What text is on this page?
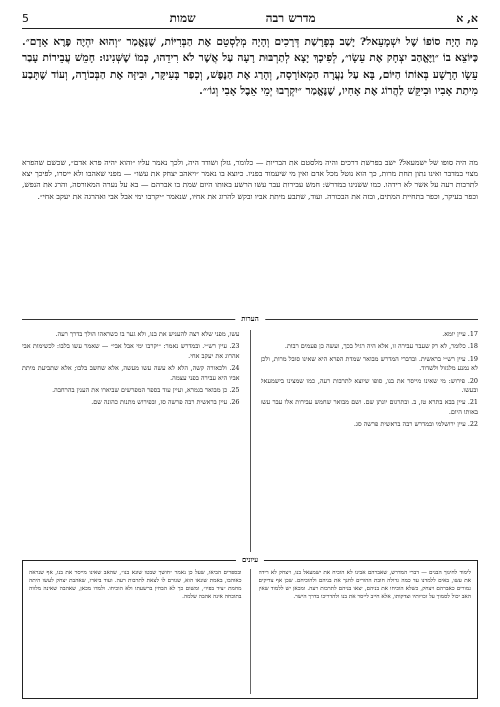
א, א
מדרש רבה
שמות
5
מָה הָיָה סוֹפוֹ שֶׁל יִשְׁמָעֵאל? יָשַׁב בְּפָרָשַׁת דְּרָכִים וְהָיָה מְלַסְטֵם אֶת הַבְּרִיּוֹת, שֶׁנֶּאֱמַר ״וְהוּא יִהְיֶה פֶּרֶא אָדָם״. כַּיּוֹצֵא בוֹ ״וַיֶּאֱהַב יִצְחָק אֶת עֵשָׂו״, לְפִיכָךְ יָצָא לְתַרְבּוּת רָעָה עַל אֲשֶׁר לֹא רִידֵהוּ, כְּמוֹ שֶׁשְּׁנִינוּ: חָמֵשׁ עֲבֵירוֹת עָבַר עֵשָׂו הָרָשָׁע בְּאוֹתוֹ הַיּוֹם, בָּא עַל נַעֲרָה הַמְאוֹרָסָה, וְהָרַג אֶת הַנֶּפֶשׁ, וְכָפַר בָּעִיקָּר, וּבִיזָּה אֶת הַבְּכוֹרָה, וְעוֹד שֶׁתָּבַע מִיתַת אָבִיו וּבִיקֵּשׁ לַהֲרוֹג אֶת אָחִיו, שֶׁנֶּאֱמַר ״יִקְרְבוּ יְמֵי אֵבֶל אָבִי וְגוֹ׳״.
מה היה סופו של ישמעאל? ישב בפרשת דרכים והיה מלסטם את הבריות — כלומר, גזלן ושודד היה, ולכך נאמר עליו ״והוא יהיה פרא אדם״, שכשם שהפרא מצוי במדבר ואינו נתון תחת מרות, כך הוא נוטל מכל אדם ואין מי שיעמוד בפניו. כיוצא בו נאמר ״ויאהב יצחק את עשו״ — מפני שאהבו ולא ייסרו, לפיכך יצא לתרבות רעה על אשר לא רידהו. כמו ששנינו במדרש: חמש עבירות עבר עשו הרשע באותו היום שמת בו אברהם — בא על נערה המאורסה, והרג את הנפש, וכפר בעיקר, וכפר בתחיית המתים, ובזה את הבכורה. ועוד, שתבע מיתת אביו ובקש להרוג את אחיו, שנאמר ״יקרבו ימי אבל אבי ואהרגה את יעקב אחי״.
הערות

17. עיין יומא.

18. כלומר, לא רק שעבר עבירה זו, אלא היה רגיל בכך, ועשה כן פעמים רבות.

19. עיין רש״י בראשית. ובדברי המדרש מבואר שמדת הפרא היא שאינו סובל מרות, ולכן לא נמנע מלגזול ולשדוד.

20. פירוש: מי שאינו מייסר את בנו, סופו שיוצא לתרבות רעה, כמו שמצינו בישמעאל ובעשו.

21. עיין בבא בתרא טז, ב. ובתרגום יונתן שם. ושם מבואר שחמש עבירות אלו עבר עשו באותו היום.

22. עיין ירושלמי ובמדרש רבה בראשית פרשה סג.

עשו, מפני שלא רצה להעניש את בנו, ולא גער בו כשראהו הולך בדרך רעה.

23. עיין רש״י. ובמדרש נאמר: ״יקרבו ימי אבל אבי״ — שאמר עשו בלבו: לכשימות אבי אהרוג את יעקב אחי.

24. ולכאורה קשה, הלא לא עשה עשו מעשה, אלא שחשב בלבו; אלא שתביעת מיתת אביו היא עבירה בפני עצמה.

25. כן מבואר בגמרא, ועיין עוד בספר המפרשים שביארו את הענין בהרחבה.

26. עיין בראשית רבה פרשה סז, ובפירוש מתנות כהונה שם.

עיונים
לימוד לחינוך הבנים — דברי המדרש, שאברהם אבינו לא הוכיח את ישמעאל בנו, ויצחק לא רידה את עשו, באים ללמדנו עד כמה גדולה חובת ההורים לחנך את בניהם ולהוכיחם. שכן אף צדיקים גמורים כאברהם ויצחק, כשלא הוכיחו את בניהם, יצאו בניהם לתרבות רעה. ומכאן יש ללמוד שאין האב יכול לסמוך על זכויותיו וצדקותו, אלא חייב לייסר את בנו ולהדריכו בדרך הישר.
ובספרים הביאו, שעל כן נאמר ״חושך שבטו שונא בנו״, שהאב שאינו מייסר את בנו, אף שנראה כאוהבו, באמת שונאו הוא, שגורם לו לצאת לתרבות רעה. ועוד ביארו, שאהבת יצחק לעשו היתה מחמת ״ציד בפיו״, ומשום כך לא הבחין ברשעתו ולא הוכיחו. ולמדו מכאן, שאהבה שאינה מלווה בתוכחה אינה אהבה שלמה.
